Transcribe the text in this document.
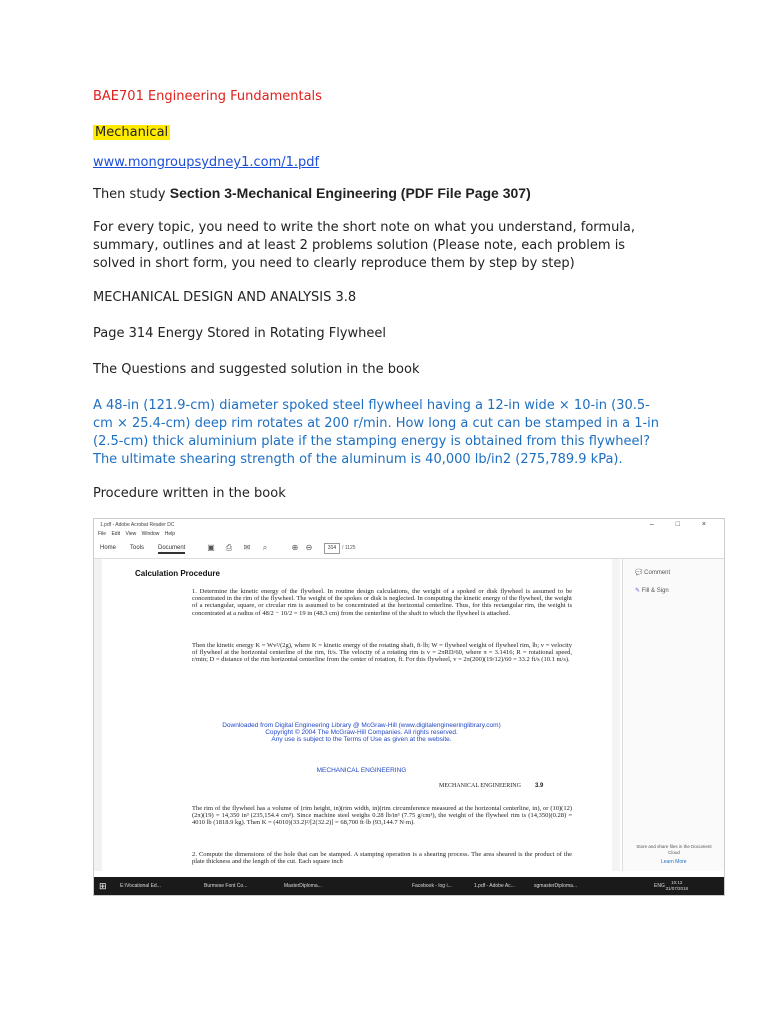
BAE701 Engineering Fundamentals
Mechanical
www.mongroupsydney1.com/1.pdf
Then study Section 3-Mechanical Engineering (PDF File Page 307)
For every topic, you need to write the short note on what you understand, formula, summary, outlines and at least 2 problems solution (Please note, each problem is solved in short form, you need to clearly reproduce them by step by step)
MECHANICAL DESIGN AND ANALYSIS 3.8
Page 314 Energy Stored in Rotating Flywheel
The Questions and suggested solution in the book
A 48-in (121.9-cm) diameter spoked steel flywheel having a 12-in wide × 10-in (30.5-cm × 25.4-cm) deep rim rotates at 200 r/min. How long a cut can be stamped in a 1-in (2.5-cm) thick aluminium plate if the stamping energy is obtained from this flywheel? The ultimate shearing strength of the aluminum is 40,000 lb/in2 (275,789.9 kPa).
Procedure written in the book
1.pdf - Adobe Acrobat Reader DC	– □ ×
File Edit View Window Help
Home Tools Document	▣ ⎙ ✉	⌕	⊕ ⊖	314	/ 1125
Calculation Procedure
1. Determine the kinetic energy of the flywheel. In routine design calculations, the weight of a spoked or disk flywheel is assumed to be concentrated in the rim of the flywheel. The weight of the spokes or disk is neglected. In computing the kinetic energy of the flywheel, the weight of a rectangular, square, or circular rim is assumed to be concentrated at the horizontal centerline. Thus, for this rectangular rim, the weight is concentrated at a radius of 48/2 − 10/2 = 19 in (48.3 cm) from the centerline of the shaft to which the flywheel is attached.
Then the kinetic energy K = Wv²/(2g), where K = kinetic energy of the rotating shaft, ft·lb; W = flywheel weight of flywheel rim, lb; v = velocity of flywheel at the horizontal centerline of the rim, ft/s. The velocity of a rotating rim is v = 2πRD/60, where π = 3.1416; R = rotational speed, r/min; D = distance of the rim horizontal centerline from the center of rotation, ft. For this flywheel, v = 2π(200)(19/12)/60 = 33.2 ft/s (10.1 m/s).
Downloaded from Digital Engineering Library @ McGraw-Hill (www.digitalengineeringlibrary.com)
Copyright © 2004 The McGraw-Hill Companies. All rights reserved.
Any use is subject to the Terms of Use as given at the website.
MECHANICAL ENGINEERING
MECHANICAL ENGINEERING 3.9
The rim of the flywheel has a volume of (rim height, in)(rim width, in)(rim circumference measured at the horizontal centerline, in), or (10)(12)(2π)(19) = 14,350 in³ (235,154.4 cm³). Since machine steel weighs 0.28 lb/in³ (7.75 g/cm³), the weight of the flywheel rim is (14,350)(0.28) = 4010 lb (1818.9 kg). Then K = (4010)(33.2)²/[2(32.2)] = 68,700 ft·lb (93,144.7 N·m).
2. Compute the dimensions of the hole that can be stamped. A stamping operation is a shearing process. The area sheared is the product of the plate thickness and the length of the cut. Each square inch
💬 Comment
✎ Fill & Sign
Store and share files in the Document Cloud
Learn More
⊞	E:\Vocational Ed...	Burmese Font Co...	MasterDiploma...	Facebook - log i...	1.pdf - Adobe Ac...	sgmasterDiploma...	ENG
10:12
31/07/2018
